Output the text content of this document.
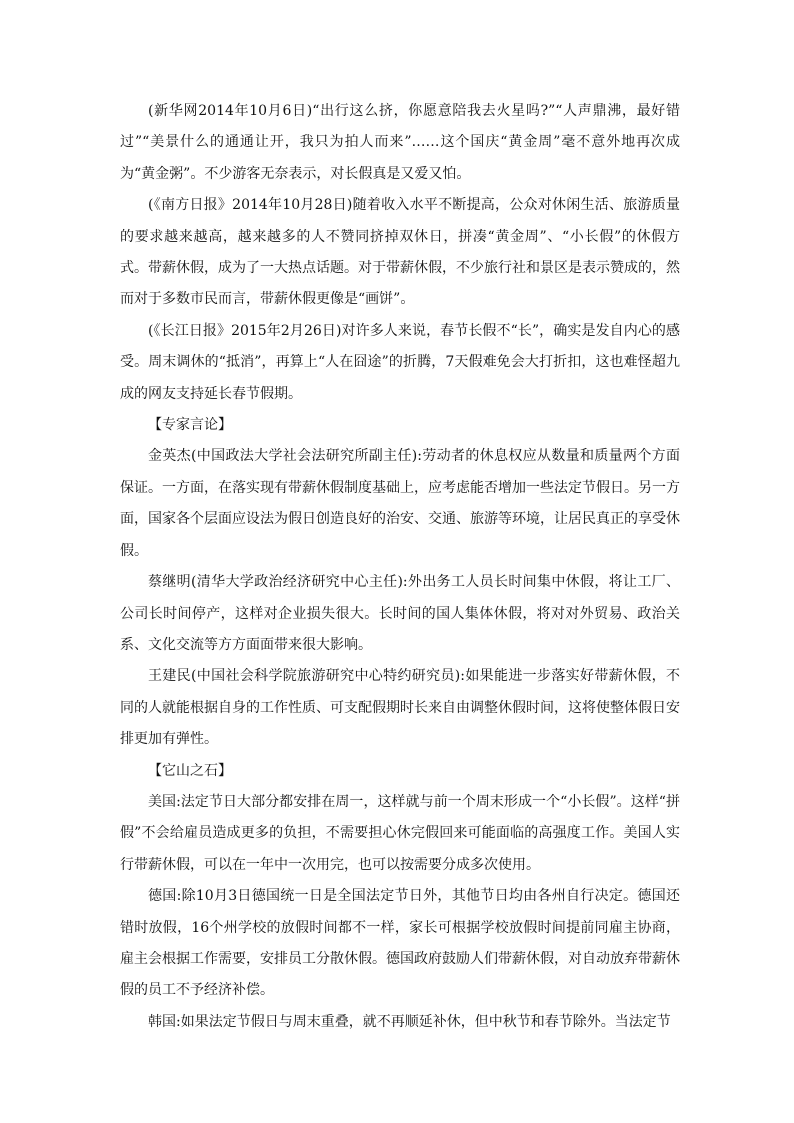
(新华网2014年10月6日)“出行这么挤，你愿意陪我去火星吗?”“人声鼎沸，最好错过”“美景什么的通通让开，我只为拍人而来”……这个国庆“黄金周”毫不意外地再次成为“黄金粥”。不少游客无奈表示，对长假真是又爱又怕。

(《南方日报》2014年10月28日)随着收入水平不断提高，公众对休闲生活、旅游质量的要求越来越高，越来越多的人不赞同挤掉双休日，拼凑“黄金周”、“小长假”的休假方式。带薪休假，成为了一大热点话题。对于带薪休假，不少旅行社和景区是表示赞成的，然而对于多数市民而言，带薪休假更像是“画饼”。

(《长江日报》2015年2月26日)对许多人来说，春节长假不“长”，确实是发自内心的感受。周末调休的“抵消”，再算上“人在囧途”的折腾，7天假难免会大打折扣，这也难怪超九成的网友支持延长春节假期。

【专家言论】

金英杰(中国政法大学社会法研究所副主任):劳动者的休息权应从数量和质量两个方面保证。一方面，在落实现有带薪休假制度基础上，应考虑能否增加一些法定节假日。另一方面，国家各个层面应设法为假日创造良好的治安、交通、旅游等环境，让居民真正的享受休假。

蔡继明(清华大学政治经济研究中心主任):外出务工人员长时间集中休假，将让工厂、公司长时间停产，这样对企业损失很大。长时间的国人集体休假，将对对外贸易、政治关系、文化交流等方方面面带来很大影响。

王建民(中国社会科学院旅游研究中心特约研究员):如果能进一步落实好带薪休假，不同的人就能根据自身的工作性质、可支配假期时长来自由调整休假时间，这将使整体假日安排更加有弹性。

【它山之石】

美国:法定节日大部分都安排在周一，这样就与前一个周末形成一个“小长假”。这样“拼假”不会给雇员造成更多的负担，不需要担心休完假回来可能面临的高强度工作。美国人实行带薪休假，可以在一年中一次用完，也可以按需要分成多次使用。

德国:除10月3日德国统一日是全国法定节日外，其他节日均由各州自行决定。德国还错时放假，16个州学校的放假时间都不一样，家长可根据学校放假时间提前同雇主协商，雇主会根据工作需要，安排员工分散休假。德国政府鼓励人们带薪休假，对自动放弃带薪休假的员工不予经济补偿。

韩国:如果法定节假日与周末重叠，就不再顺延补休，但中秋节和春节除外。当法定节
